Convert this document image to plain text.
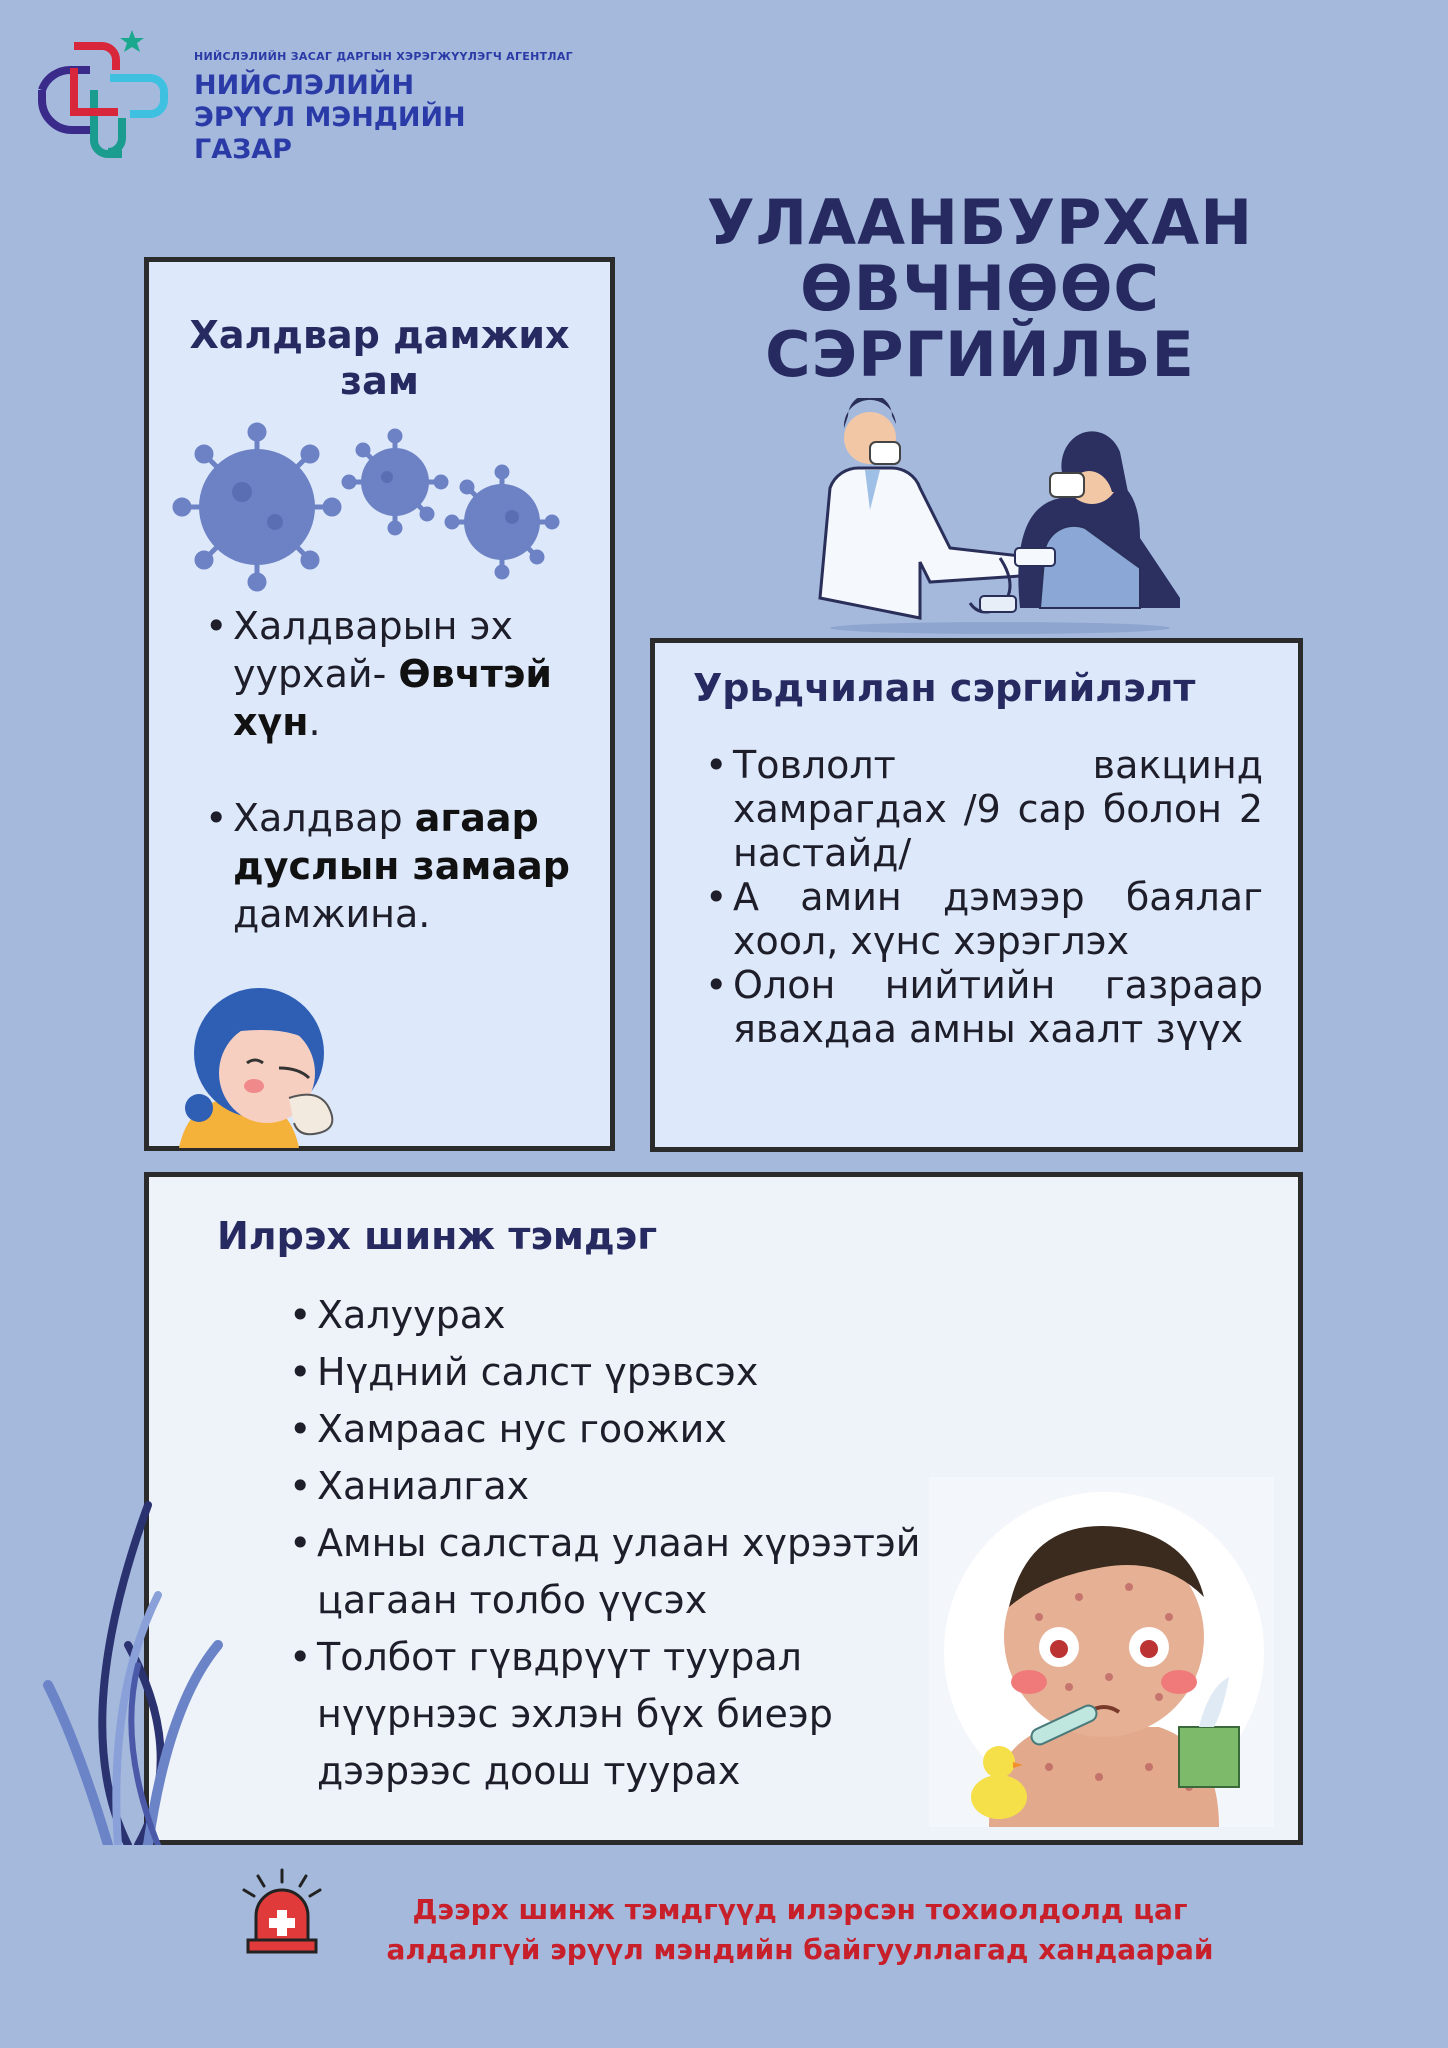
НИЙСЛЭЛИЙН ЗАСАГ ДАРГЫН ХЭРЭГЖҮҮЛЭГЧ АГЕНТЛАГ
НИЙСЛЭЛИЙН
ЭРҮҮЛ МЭНДИЙН
ГАЗАР
УЛААНБУРХАН
ӨВЧНӨӨС
СЭРГИЙЛЬЕ
Халдвар дамжих зам
• Халдварын эх уурхай- Өвчтэй хүн.
• Халдвар агаар дуслын замаар дамжина.
Урьдчилан сэргийлэлт
• Товлолт вакцинд хамрагдах /9 сар болон 2 настайд/
• А амин дэмээр баялаг хоол, хүнс хэрэглэх
• Олон нийтийн газраар явахдаа амны хаалт зүүх
Илрэх шинж тэмдэг
• Халуурах
• Нүдний салст үрэвсэх
• Хамраас нус гоожих
• Ханиалгах
• Амны салстад улаан хүрээтэй цагаан толбо үүсэх
• Толбот гүвдрүүт туурал нүүрнээс эхлэн бүх биеэр дээрээс доош туурах
Дээрх шинж тэмдгүүд илэрсэн тохиолдолд цаг
алдалгүй эрүүл мэндийн байгууллагад хандаарай
